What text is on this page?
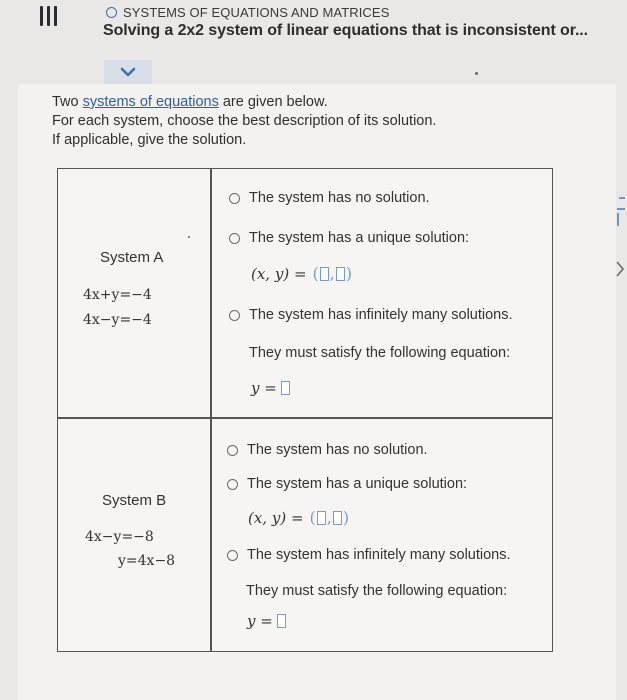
SYSTEMS OF EQUATIONS AND MATRICES
Solving a 2x2 system of linear equations that is inconsistent or...
Two systems of equations are given below.
For each system, choose the best description of its solution.
If applicable, give the solution.
System A
4x+y=−4
4x−y=−4
The system has no solution.
The system has a unique solution:
(x, y) = ( , )
The system has infinitely many solutions.
They must satisfy the following equation:
y =
System B
4x−y=−8
y=4x−8
The system has no solution.
The system has a unique solution:
(x, y) = ( , )
The system has infinitely many solutions.
They must satisfy the following equation:
y =
